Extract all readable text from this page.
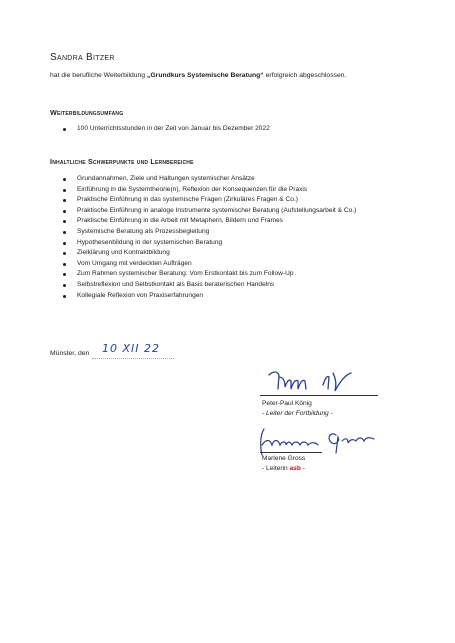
Sandra Bitzer
hat die berufliche Weiterbildung „Grundkurs Systemische Beratung“ erfolgreich abgeschlossen.
Weiterbildungsumfang
100 Unterrichtsstunden in der Zeit von Januar bis Dezember 2022
Inhaltliche Schwerpunkte und Lernbereiche
Grundannahmen, Ziele und Haltungen systemischer Ansätze
Einführung in die Systemtheorie(n), Reflexion der Konsequenzen für die Praxis
Praktische Einführung in das systemische Fragen (Zirkuläres Fragen & Co.)
Praktische Einführung in analoge Instrumente systemischer Beratung (Aufstellungsarbeit & Co.)
Praktische Einführung in die Arbeit mit Metaphern, Bildern und Frames
Systemische Beratung als Prozessbegleitung
Hypothesenbildung in der systemischen Beratung
Zielklärung und Kontraktbildung
Vom Umgang mit verdeckten Aufträgen
Zum Rahmen systemischer Beratung: Vom Erstkontakt bis zum Follow-Up
Selbstreflexion und Selbstkontakt als Basis beraterischen Handelns
Kollegiale Reflexion von Praxiserfahrungen
Münster, den 10 XII 22
Peter-Paul König
- Leiter der Fortbildung -
Marlene Gross
- Leiterin asb -
